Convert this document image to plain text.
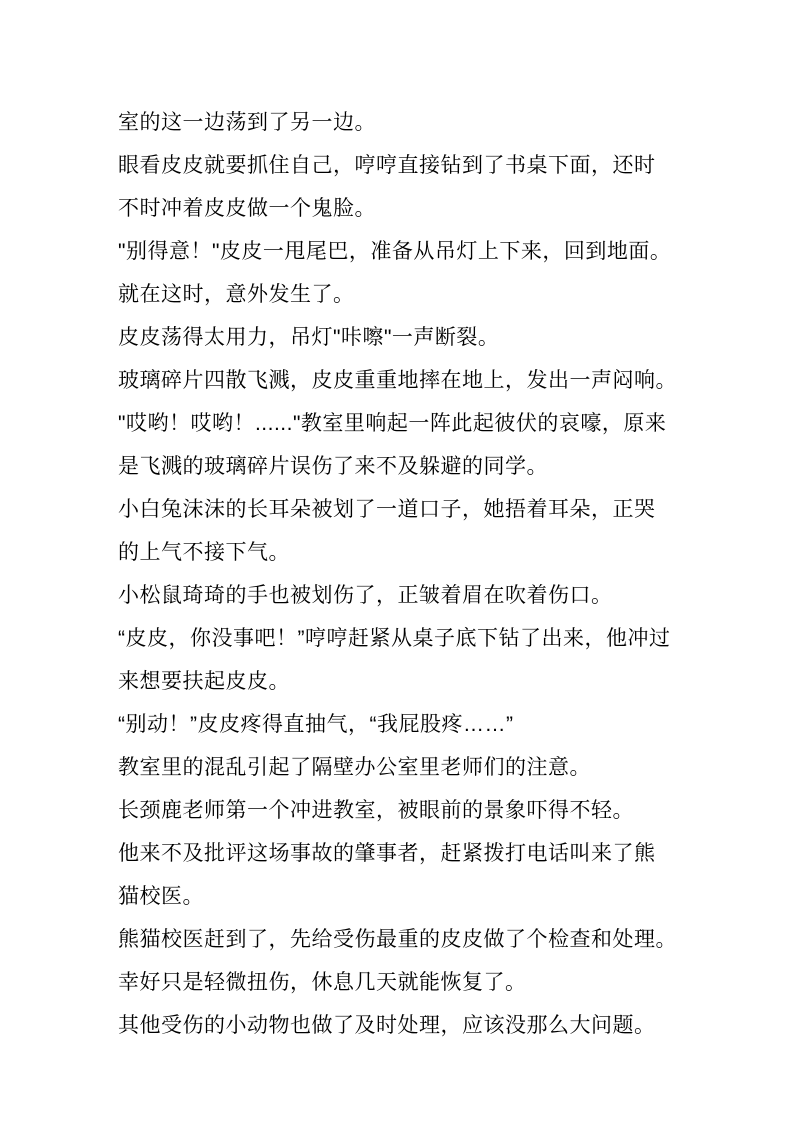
室的这一边荡到了另一边。
眼看皮皮就要抓住自己，哼哼直接钻到了书桌下面，还时
不时冲着皮皮做一个鬼脸。
"别得意！"皮皮一甩尾巴，准备从吊灯上下来，回到地面。
就在这时，意外发生了。
皮皮荡得太用力，吊灯"咔嚓"一声断裂。
玻璃碎片四散飞溅，皮皮重重地摔在地上，发出一声闷响。
"哎哟！哎哟！......"教室里响起一阵此起彼伏的哀嚎，原来
是飞溅的玻璃碎片误伤了来不及躲避的同学。
小白兔沫沫的长耳朵被划了一道口子，她捂着耳朵，正哭
的上气不接下气。
小松鼠琦琦的手也被划伤了，正皱着眉在吹着伤口。
“皮皮，你没事吧！”哼哼赶紧从桌子底下钻了出来，他冲过
来想要扶起皮皮。
“别动！”皮皮疼得直抽气，“我屁股疼……”
教室里的混乱引起了隔壁办公室里老师们的注意。
长颈鹿老师第一个冲进教室，被眼前的景象吓得不轻。
他来不及批评这场事故的肇事者，赶紧拨打电话叫来了熊
猫校医。
熊猫校医赶到了，先给受伤最重的皮皮做了个检查和处理。
幸好只是轻微扭伤，休息几天就能恢复了。
其他受伤的小动物也做了及时处理，应该没那么大问题。
